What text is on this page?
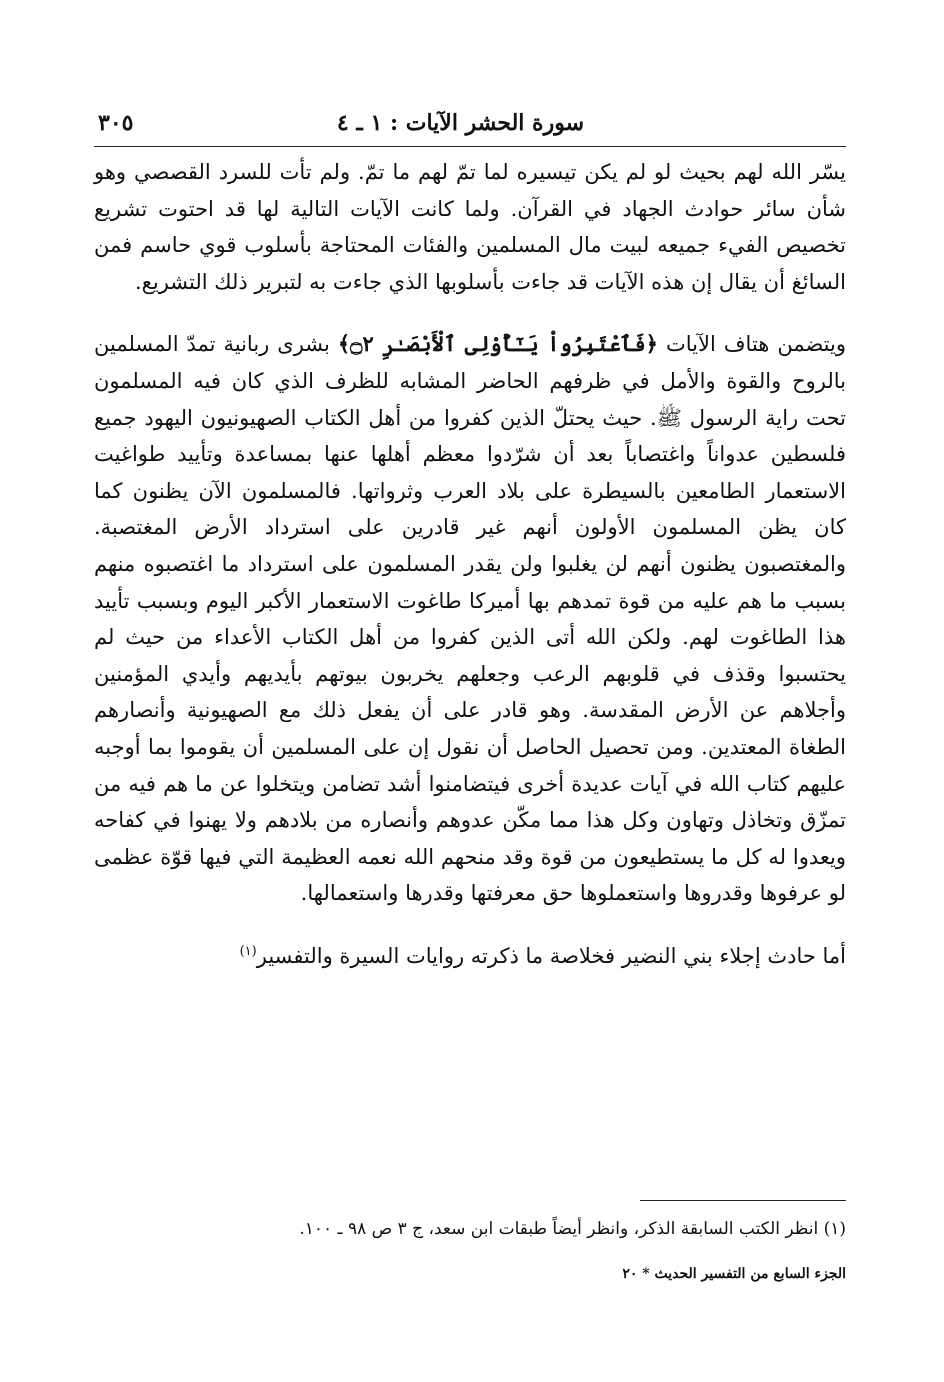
سورة الحشر الآيات : ١ ـ ٤
٣٠٥

يسّر الله لهم بحيث لو لم يكن تيسيره لما تمّ لهم ما تمّ. ولم تأت للسرد القصصي وهو شأن سائر حوادث الجهاد في القرآن. ولما كانت الآيات التالية لها قد احتوت تشريع تخصيص الفيء جميعه لبيت مال المسلمين والفئات المحتاجة بأسلوب قوي حاسم فمن السائغ أن يقال إن هذه الآيات قد جاءت بأسلوبها الذي جاءت به لتبرير ذلك التشريع.

ويتضمن هتاف الآيات ﴿فَٱعْتَبِرُواْ يَـٰٓأُوْلِى ٱلْأَبْصَـٰرِ ۝٢﴾ بشرى ربانية تمدّ المسلمين بالروح والقوة والأمل في ظرفهم الحاضر المشابه للظرف الذي كان فيه المسلمون تحت راية الرسول ﷺ. حيث يحتلّ الذين كفروا من أهل الكتاب الصهيونيون اليهود جميع فلسطين عدواناً واغتصاباً بعد أن شرّدوا معظم أهلها عنها بمساعدة وتأييد طواغيت الاستعمار الطامعين بالسيطرة على بلاد العرب وثرواتها. فالمسلمون الآن يظنون كما كان يظن المسلمون الأولون أنهم غير قادرين على استرداد الأرض المغتصبة. والمغتصبون يظنون أنهم لن يغلبوا ولن يقدر المسلمون على استرداد ما اغتصبوه منهم بسبب ما هم عليه من قوة تمدهم بها أميركا طاغوت الاستعمار الأكبر اليوم وبسبب تأييد هذا الطاغوت لهم. ولكن الله أتى الذين كفروا من أهل الكتاب الأعداء من حيث لم يحتسبوا وقذف في قلوبهم الرعب وجعلهم يخربون بيوتهم بأيديهم وأيدي المؤمنين وأجلاهم عن الأرض المقدسة. وهو قادر على أن يفعل ذلك مع الصهيونية وأنصارهم الطغاة المعتدين. ومن تحصيل الحاصل أن نقول إن على المسلمين أن يقوموا بما أوجبه عليهم كتاب الله في آيات عديدة أخرى فيتضامنوا أشد تضامن ويتخلوا عن ما هم فيه من تمزّق وتخاذل وتهاون وكل هذا مما مكّن عدوهم وأنصاره من بلادهم ولا يهنوا في كفاحه ويعدوا له كل ما يستطيعون من قوة وقد منحهم الله نعمه العظيمة التي فيها قوّة عظمى لو عرفوها وقدروها واستعملوها حق معرفتها وقدرها واستعمالها.

أما حادث إجلاء بني النضير فخلاصة ما ذكرته روايات السيرة والتفسير$^{(١)}$

(١) انظر الكتب السابقة الذكر، وانظر أيضاً طبقات ابن سعد، ج ٣ ص ٩٨ ـ ١٠٠.
الجزء السابع من التفسير الحديث * ٢٠
